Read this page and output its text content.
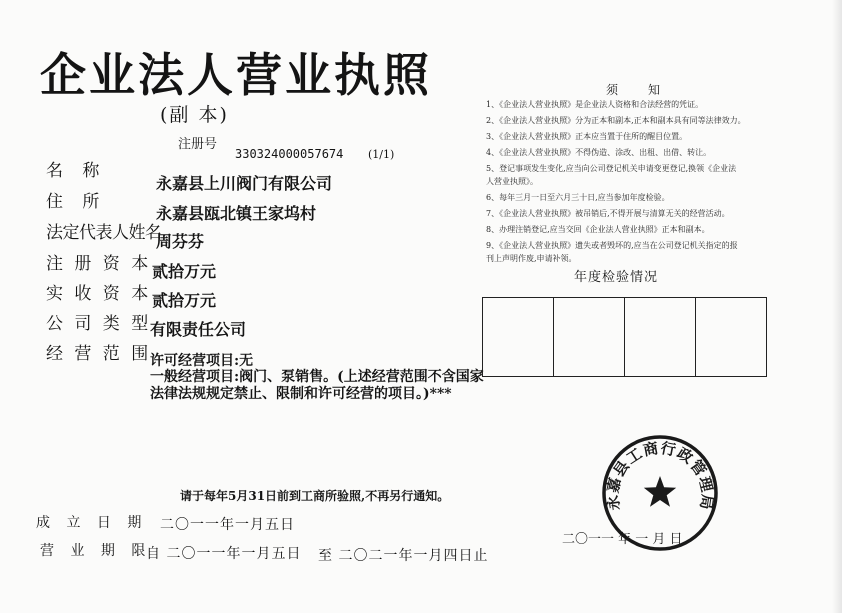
企业法人营业执照
(副 本)
注册号
330324000057674 (1/1)
名 称
住 所
法定代表人姓名
注 册 资 本
实 收 资 本
公 司 类 型
经 营 范 围
永嘉县上川阀门有限公司
永嘉县瓯北镇王家坞村
周芬芬
贰拾万元
贰拾万元
有限责任公司
许可经营项目:无
一般经营项目:阀门、泵销售。(上述经营范围不含国家
法律法规规定禁止、限制和许可经营的项目。)***
须知
1、《企业法人营业执照》是企业法人资格和合法经营的凭证。
2、《企业法人营业执照》分为正本和副本,正本和副本具有同等法律效力。
3、《企业法人营业执照》正本应当置于住所的醒目位置。
4、《企业法人营业执照》不得伪造、涂改、出租、出借、转让。
5、登记事项发生变化,应当向公司登记机关申请变更登记,换领《企业法
人营业执照》。
6、每年三月一日至六月三十日,应当参加年度检验。
7、《企业法人营业执照》被吊销后,不得开展与清算无关的经营活动。
8、办理注销登记,应当交回《企业法人营业执照》正本和副本。
9、《企业法人营业执照》遗失或者毁坏的,应当在公司登记机关指定的报
刊上声明作废,申请补领。
年度检验情况
请于每年5月31日前到工商所验照,不再另行通知。
成 立 日 期 二〇一一年一月五日
营 业 期 限
自 二〇一一年一月五日 至 二〇二一年一月四日止
永嘉县工商行政管理局
二〇一一 年 一 月 日
